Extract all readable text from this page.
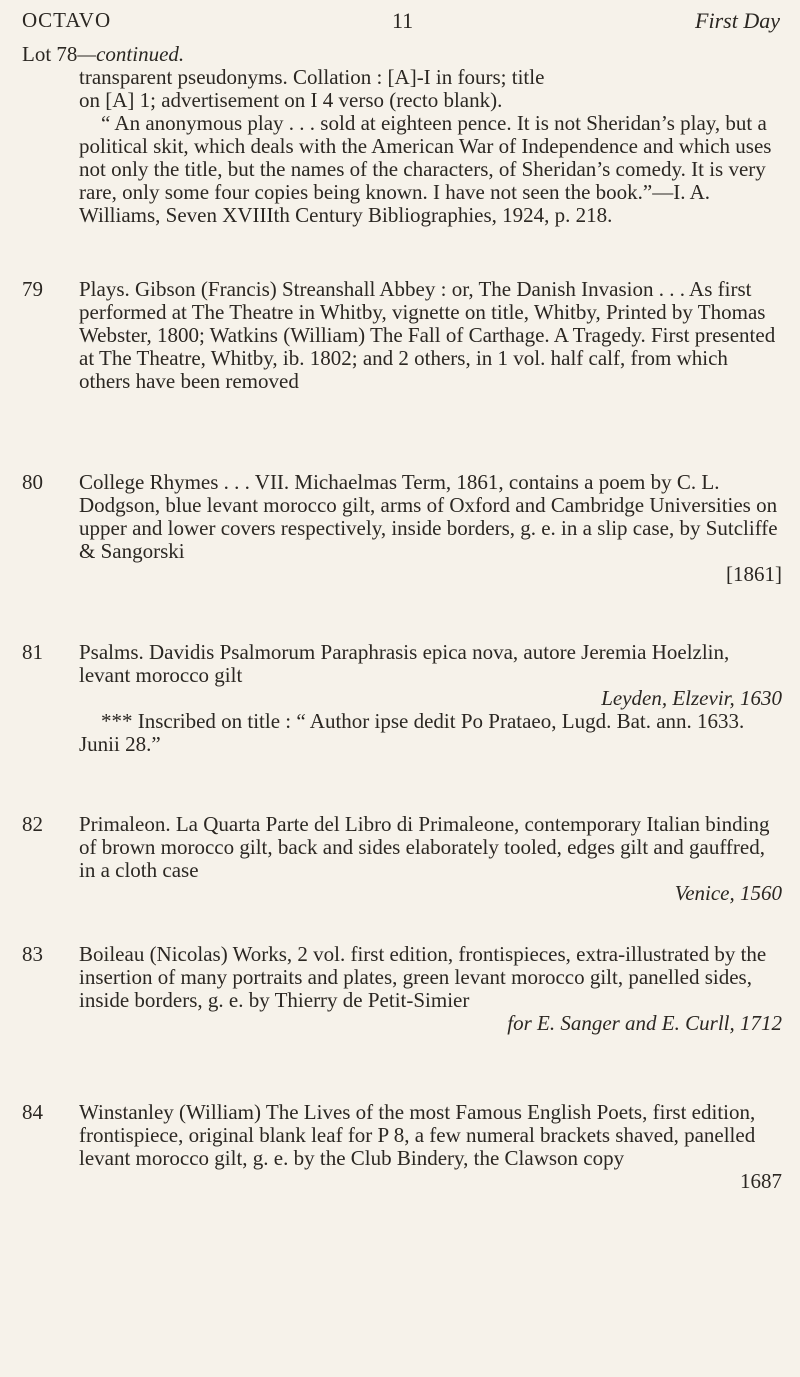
OCTAVO	11	First Day
Lot 78—continued.

transparent pseudonyms. Collation : [A]-I in fours; title

on [A] 1; advertisement on I 4 verso (recto blank).

“ An anonymous play . . . sold at eighteen pence. It is not Sheridan’s play, but a political skit, which deals with the American War of Independence and which uses not only the title, but the names of the characters, of Sheridan’s comedy. It is very rare, only some four copies being known. I have not seen the book.”—I. A. Williams, Seven XVIIIth Century Bibliographies, 1924, p. 218.

79	Plays. Gibson (Francis) Streanshall Abbey : or, The Danish Invasion . . . As first performed at The Theatre in Whitby, vignette on title, Whitby, Printed by Thomas Webster, 1800; Watkins (William) The Fall of Carthage. A Tragedy. First presented at The Theatre, Whitby, ib. 1802; and 2 others, in 1 vol. half calf, from which others have been removed

80	College Rhymes . . . VII. Michaelmas Term, 1861, contains a poem by C. L. Dodgson, blue levant morocco gilt, arms of Oxford and Cambridge Universities on upper and lower covers respectively, inside borders, g. e. in a slip case, by Sutcliffe & Sangorski

[1861]

81	Psalms. Davidis Psalmorum Paraphrasis epica nova, autore Jeremia Hoelzlin, levant morocco gilt

Leyden, Elzevir, 1630

*** Inscribed on title : “ Author ipse dedit Po Prataeo, Lugd. Bat. ann. 1633. Junii 28.”

82	Primaleon. La Quarta Parte del Libro di Primaleone, contemporary Italian binding of brown morocco gilt, back and sides elaborately tooled, edges gilt and gauffred, in a cloth case

Venice, 1560

83	Boileau (Nicolas) Works, 2 vol. first edition, frontispieces, extra-illustrated by the insertion of many portraits and plates, green levant morocco gilt, panelled sides, inside borders, g. e. by Thierry de Petit-Simier

for E. Sanger and E. Curll, 1712

84	Winstanley (William) The Lives of the most Famous English Poets, first edition, frontispiece, original blank leaf for P 8, a few numeral brackets shaved, panelled levant morocco gilt, g. e. by the Club Bindery, the Clawson copy

1687
